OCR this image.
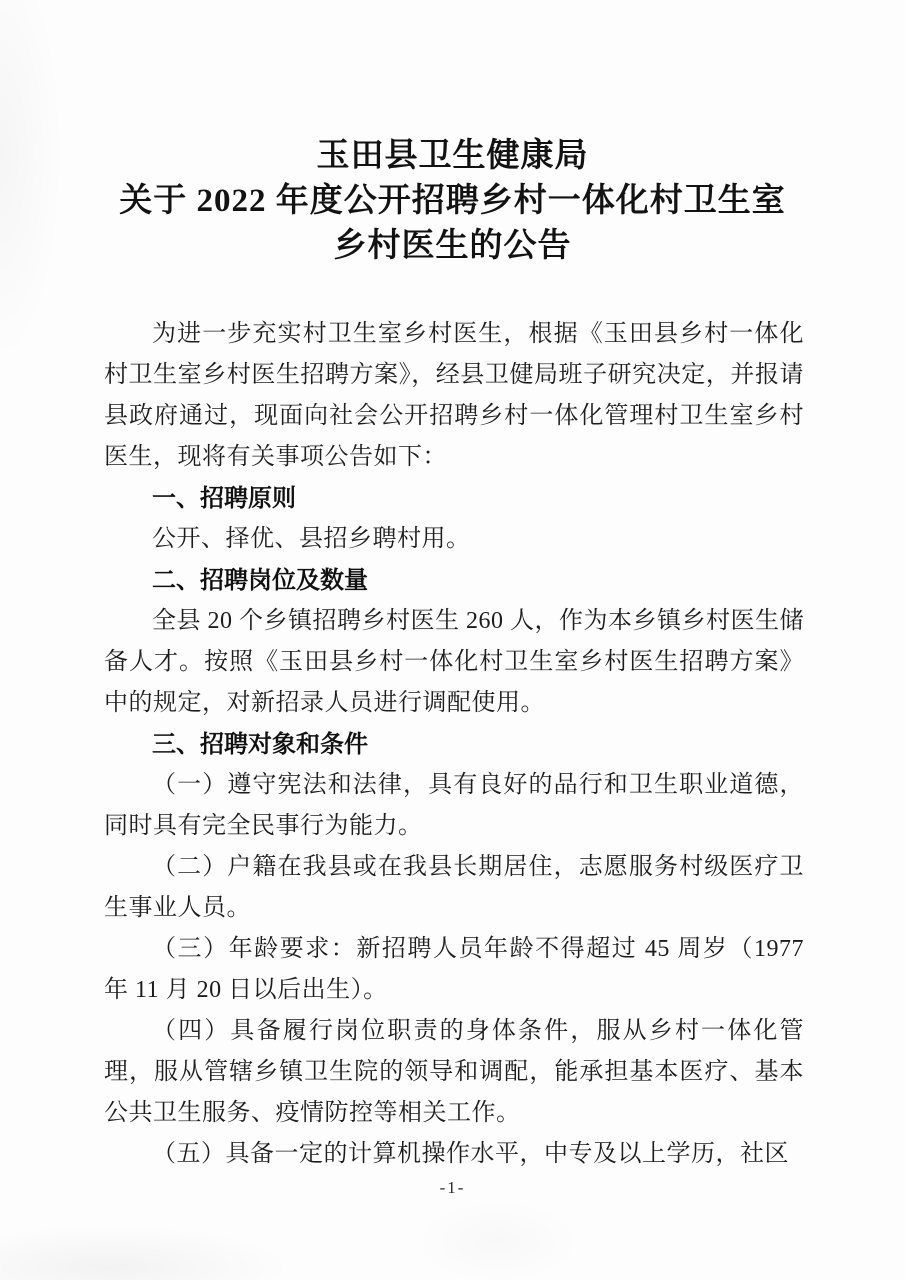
玉田县卫生健康局
关于 2022 年度公开招聘乡村一体化村卫生室
乡村医生的公告

为进一步充实村卫生室乡村医生，根据《玉田县乡村一体化村卫生室乡村医生招聘方案》，经县卫健局班子研究决定，并报请县政府通过，现面向社会公开招聘乡村一体化管理村卫生室乡村医生，现将有关事项公告如下：

一、招聘原则

公开、择优、县招乡聘村用。

二、招聘岗位及数量

全县 20 个乡镇招聘乡村医生 260 人，作为本乡镇乡村医生储备人才。按照《玉田县乡村一体化村卫生室乡村医生招聘方案》中的规定，对新招录人员进行调配使用。

三、招聘对象和条件

（一）遵守宪法和法律，具有良好的品行和卫生职业道德，同时具有完全民事行为能力。

（二）户籍在我县或在我县长期居住，志愿服务村级医疗卫生事业人员。

（三）年龄要求：新招聘人员年龄不得超过 45 周岁（1977 年 11 月 20 日以后出生）。

（四）具备履行岗位职责的身体条件，服从乡村一体化管理，服从管辖乡镇卫生院的领导和调配，能承担基本医疗、基本公共卫生服务、疫情防控等相关工作。

（五）具备一定的计算机操作水平，中专及以上学历，社区

-1-
